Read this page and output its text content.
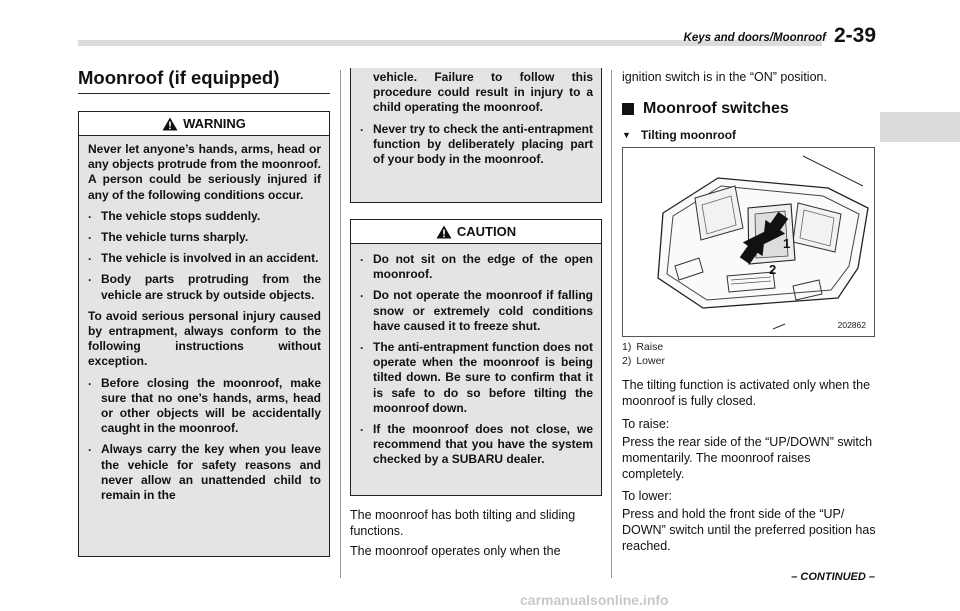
Keys and doors/Moonroof 2-39
Moonroof (if equipped)
WARNING

Never let anyone’s hands, arms, head or any objects protrude from the moonroof. A person could be seriously injured if any of the following conditions occur.

. The vehicle stops suddenly.
. The vehicle turns sharply.
. The vehicle is involved in an accident.
. Body parts protruding from the vehicle are struck by outside objects.

To avoid serious personal injury caused by entrapment, always conform to the following instructions without exception.

. Before closing the moonroof, make sure that no one’s hands, arms, head or other objects will be accidentally caught in the moonroof.
. Always carry the key when you leave the vehicle for safety reasons and never allow an unattended child to remain in the

vehicle. Failure to follow this procedure could result in injury to a child operating the moonroof.

. Never try to check the anti-entrapment function by deliberately placing part of your body in the moonroof.
CAUTION
. Do not sit on the edge of the open moonroof.
. Do not operate the moonroof if falling snow or extremely cold conditions have caused it to freeze shut.
. The anti-entrapment function does not operate when the moonroof is being tilted down. Be sure to confirm that it is safe to do so before tilting the moonroof down.
. If the moonroof does not close, we recommend that you have the system checked by a SUBARU dealer.
The moonroof has both tilting and sliding functions.
The moonroof operates only when the
ignition switch is in the “ON” position.
Moonroof switches
▼ Tilting moonroof
1
2
202862
1) Raise
2) Lower
The tilting function is activated only when the moonroof is fully closed.
To raise:
Press the rear side of the “UP/DOWN” switch momentarily. The moonroof raises completely.
To lower:
Press and hold the front side of the “UP/ DOWN” switch until the preferred position has reached.
– CONTINUED –
carmanualsonline.info
